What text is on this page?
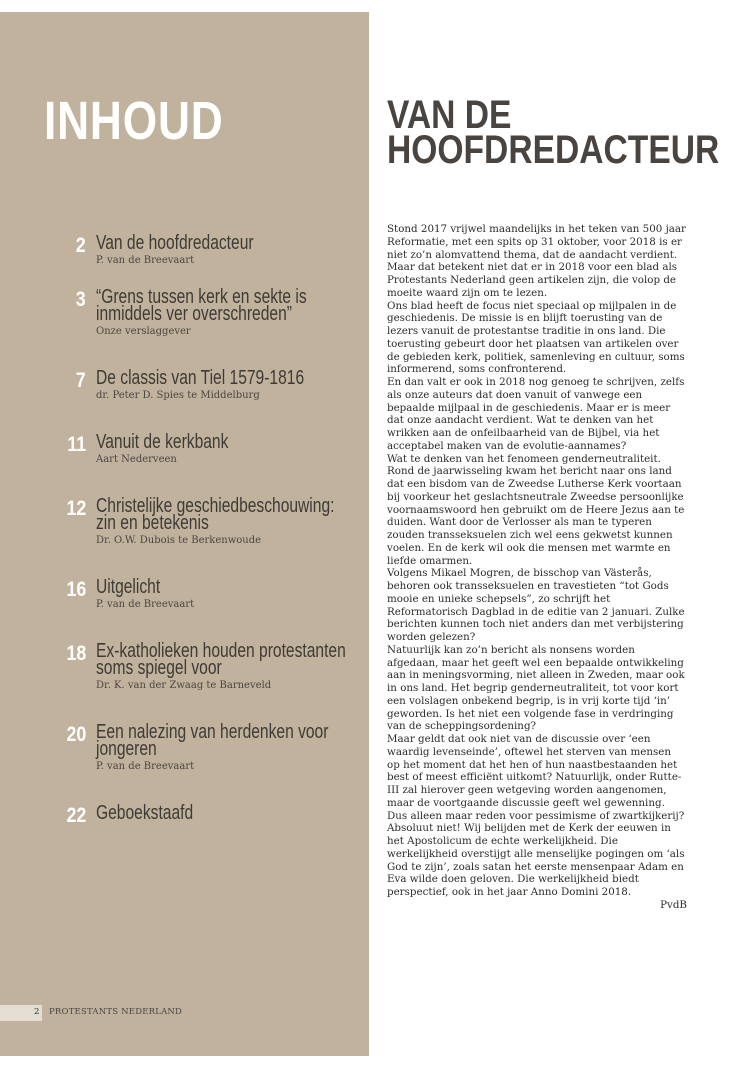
INHOUD
2 Van de hoofdredacteur

P. van de Breevaart

3 “Grens tussen kerk en sekte is inmiddels ver overschreden”

Onze verslaggever

7 De classis van Tiel 1579-1816

dr. Peter D. Spies te Middelburg

11 Vanuit de kerkbank

Aart Nederveen

12 Christelijke geschiedbeschouwing: zin en betekenis

Dr. O.W. Dubois te Berkenwoude

16 Uitgelicht

P. van de Breevaart

18 Ex-katholieken houden protestanten soms spiegel voor

Dr. K. van der Zwaag te Barneveld

20 Een nalezing van herdenken voor jongeren

P. van de Breevaart

22 Geboekstaafd
2 PROTESTANTS NEDERLAND
VAN DE
HOOFDREDACTEUR

Stond 2017 vrijwel maandelijks in het teken van 500 jaar Reformatie, met een spits op 31 oktober, voor 2018 is er niet zo’n alomvattend thema, dat de aandacht verdient. Maar dat betekent niet dat er in 2018 voor een blad als Protestants Nederland geen artikelen zijn, die volop de moeite waard zijn om te lezen.

Ons blad heeft de focus niet speciaal op mijlpalen in de geschiedenis. De missie is en blijft toerusting van de lezers vanuit de protestantse traditie in ons land. Die toerusting gebeurt door het plaatsen van artikelen over de gebieden kerk, politiek, samenleving en cultuur, soms informerend, soms confronterend.

En dan valt er ook in 2018 nog genoeg te schrijven, zelfs als onze auteurs dat doen vanuit of vanwege een bepaalde mijlpaal in de geschiedenis. Maar er is meer dat onze aandacht verdient. Wat te denken van het wrikken aan de onfeilbaarheid van de Bijbel, via het acceptabel maken van de evolutie-aannames?

Wat te denken van het fenomeen genderneutraliteit. Rond de jaarwisseling kwam het bericht naar ons land dat een bisdom van de Zweedse Lutherse Kerk voortaan bij voorkeur het geslachtsneutrale Zweedse persoonlijke voornaamswoord hen gebruikt om de Heere Jezus aan te duiden. Want door de Verlosser als man te typeren zouden transseksuelen zich wel eens gekwetst kunnen voelen. En de kerk wil ook die mensen met warmte en liefde omarmen.

Volgens Mikael Mogren, de bisschop van Västerås, behoren ook transseksuelen en travestieten “tot Gods mooie en unieke schepsels”, zo schrijft het Reformatorisch Dagblad in de editie van 2 januari. Zulke berichten kunnen toch niet anders dan met verbijstering worden gelezen?

Natuurlijk kan zo’n bericht als nonsens worden afgedaan, maar het geeft wel een bepaalde ontwikkeling aan in meningsvorming, niet alleen in Zweden, maar ook in ons land. Het begrip genderneutraliteit, tot voor kort een volslagen onbekend begrip, is in vrij korte tijd ‘in’ geworden. Is het niet een volgende fase in verdringing van de scheppingsordening?

Maar geldt dat ook niet van de discussie over ‘een waardig levenseinde’, oftewel het sterven van mensen op het moment dat het hen of hun naastbestaanden het best of meest efficiënt uitkomt? Natuurlijk, onder Rutte-III zal hierover geen wetgeving worden aangenomen, maar de voortgaande discussie geeft wel gewenning.

Dus alleen maar reden voor pessimisme of zwartkijkerij? Absoluut niet! Wij belijden met de Kerk der eeuwen in het Apostolicum de echte werkelijkheid. Die werkelijkheid overstijgt alle menselijke pogingen om ‘als God te zijn’, zoals satan het eerste mensenpaar Adam en Eva wilde doen geloven. Die werkelijkheid biedt perspectief, ook in het jaar Anno Domini 2018.

PvdB
